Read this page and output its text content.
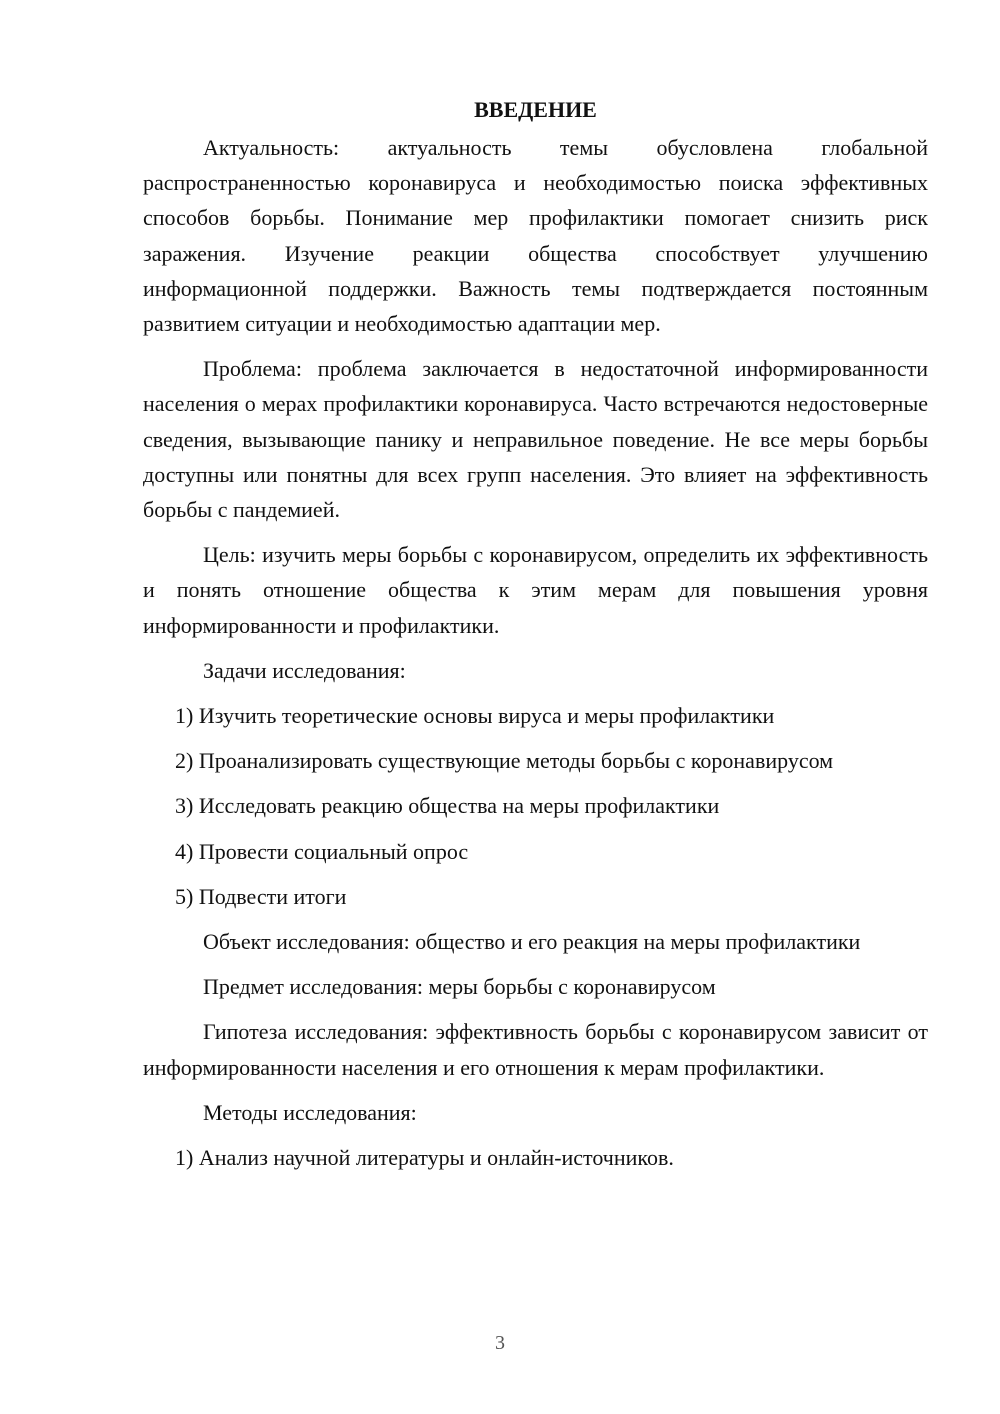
ВВЕДЕНИЕ

Актуальность: актуальность темы обусловлена глобальной распространенностью коронавируса и необходимостью поиска эффективных способов борьбы. Понимание мер профилактики помогает снизить риск заражения. Изучение реакции общества способствует улучшению информационной поддержки. Важность темы подтверждается постоянным развитием ситуации и необходимостью адаптации мер.

Проблема: проблема заключается в недостаточной информированности населения о мерах профилактики коронавируса. Часто встречаются недостоверные сведения, вызывающие панику и неправильное поведение. Не все меры борьбы доступны или понятны для всех групп населения. Это влияет на эффективность борьбы с пандемией.

Цель: изучить меры борьбы с коронавирусом, определить их эффективность и понять отношение общества к этим мерам для повышения уровня информированности и профилактики.

Задачи исследования:

1) Изучить теоретические основы вируса и меры профилактики
2) Проанализировать существующие методы борьбы с коронавирусом
3) Исследовать реакцию общества на меры профилактики
4) Провести социальный опрос
5) Подвести итоги

Объект исследования: общество и его реакция на меры профилактики

Предмет исследования: меры борьбы с коронавирусом

Гипотеза исследования: эффективность борьбы с коронавирусом зависит от информированности населения и его отношения к мерам профилактики.

Методы исследования:

1) Анализ научной литературы и онлайн-источников.
3
